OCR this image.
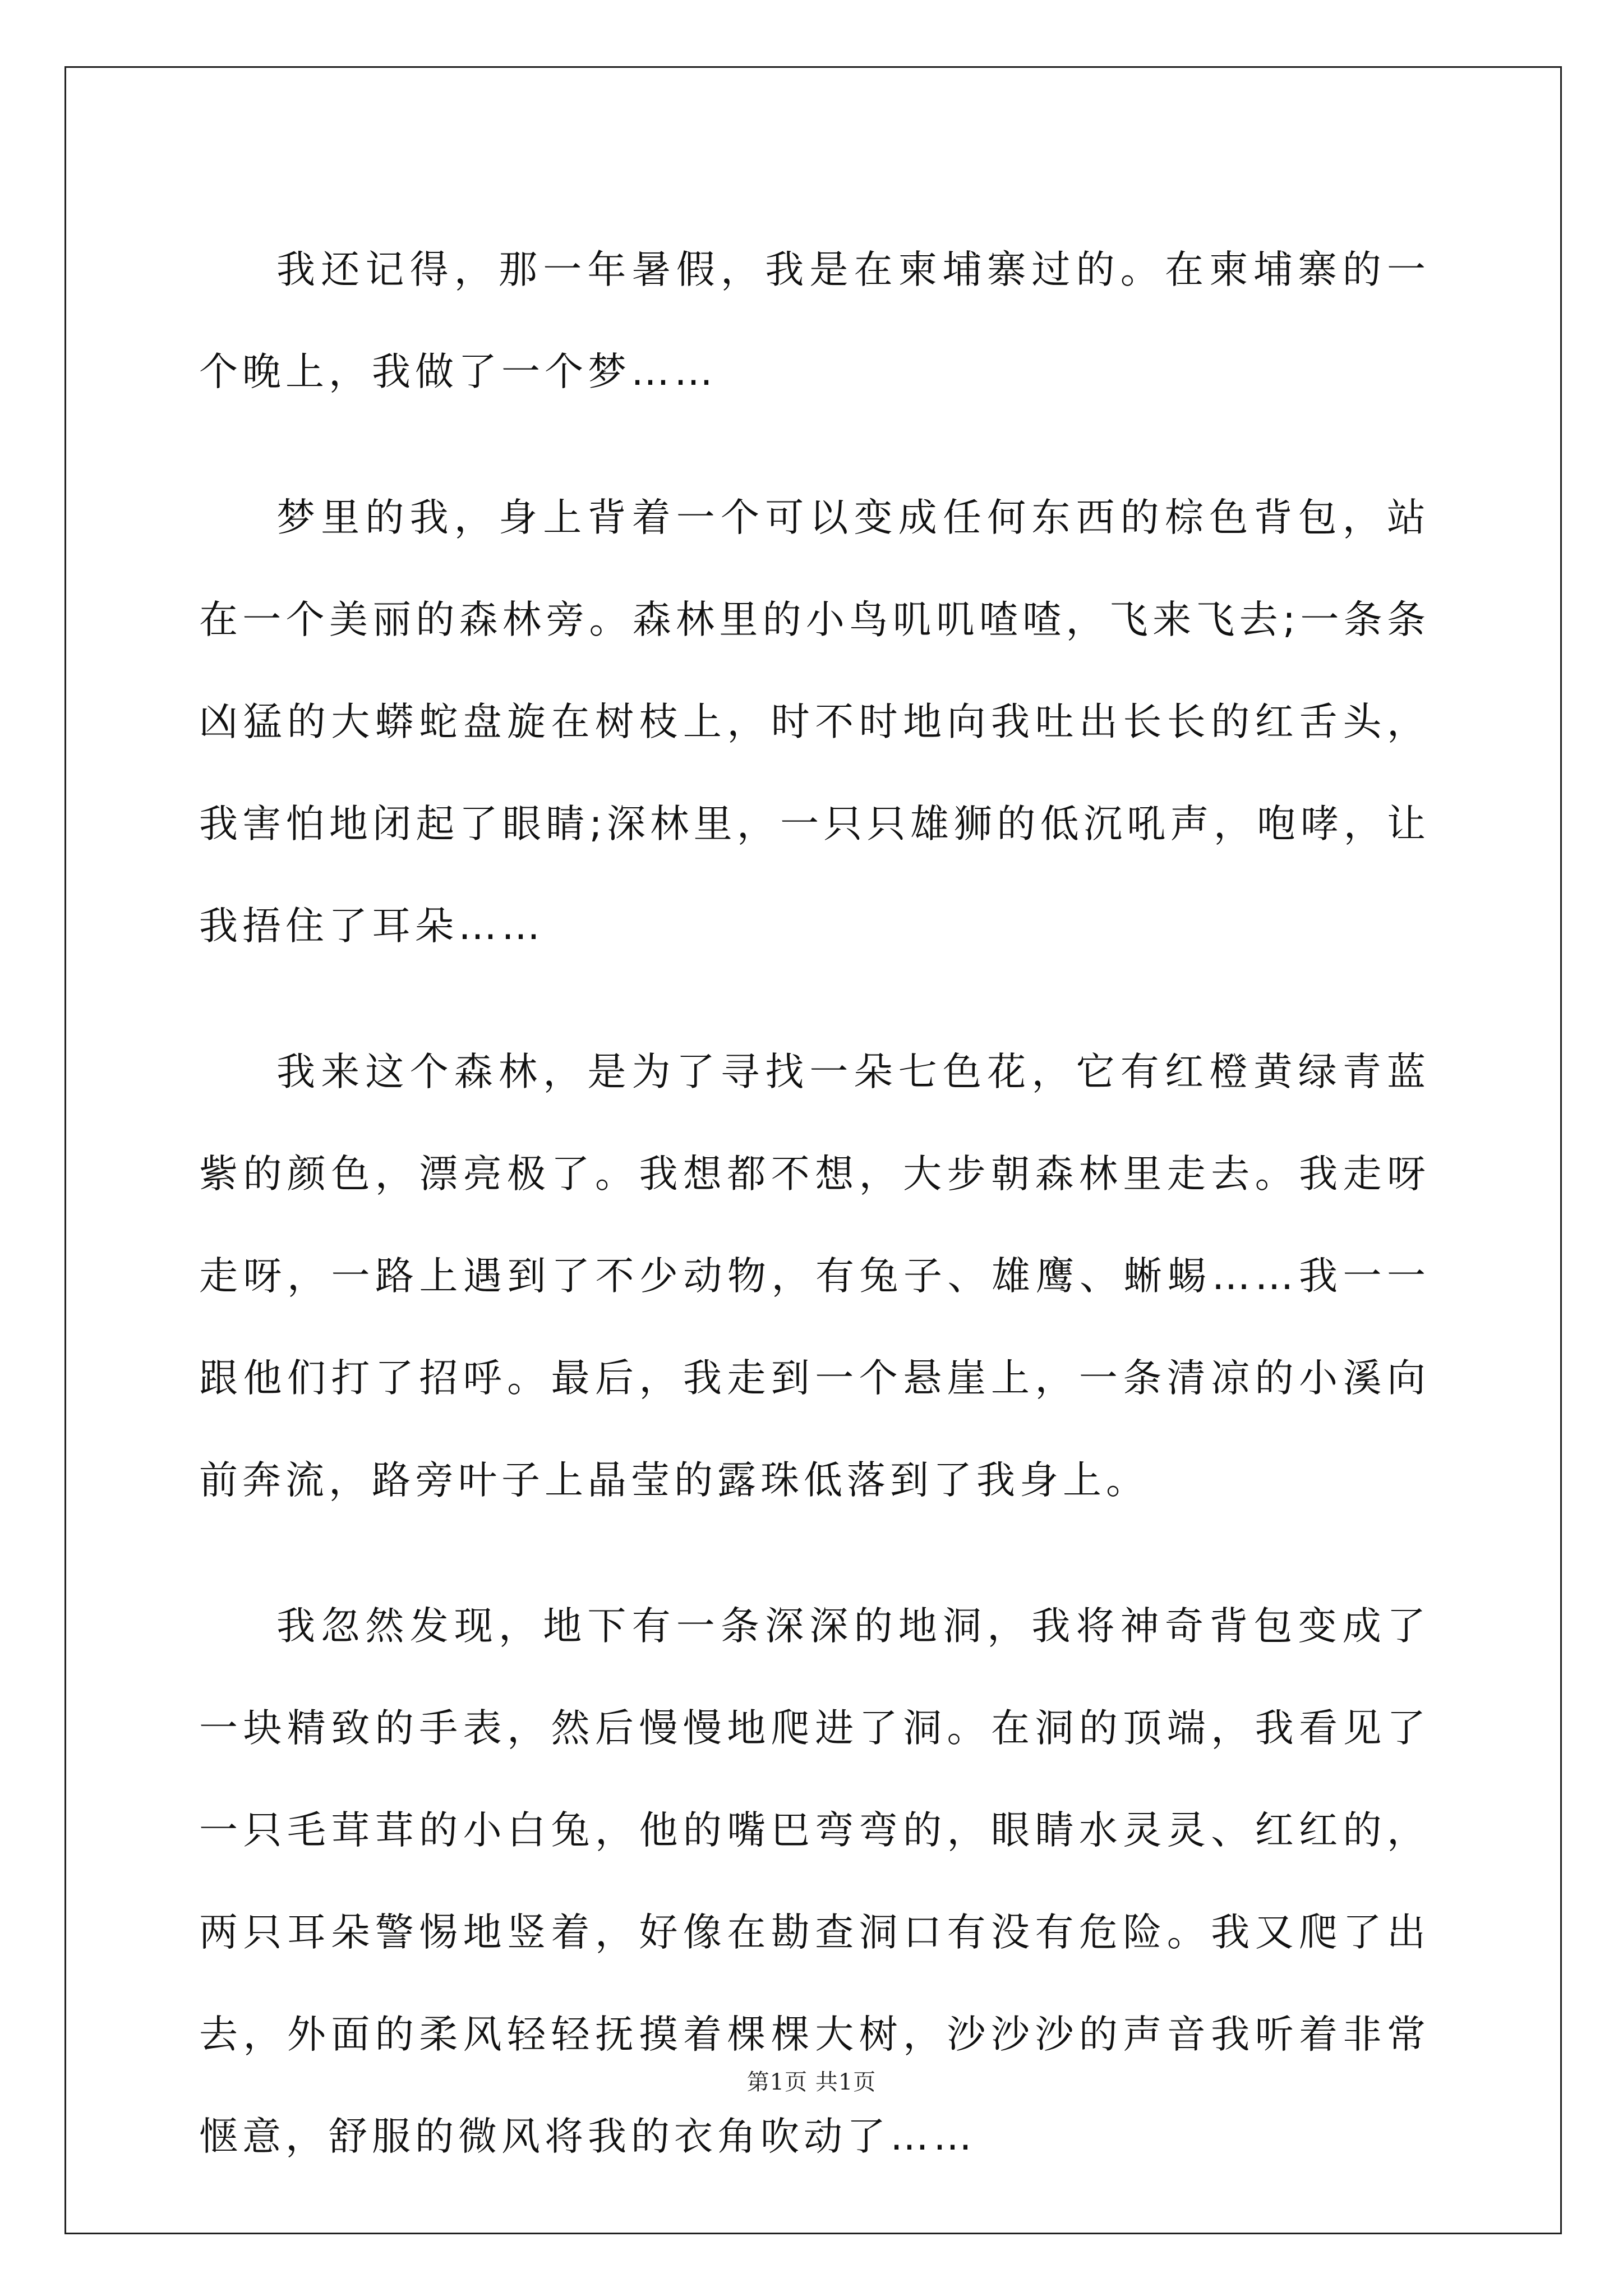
我还记得，那一年暑假，我是在柬埔寨过的。在柬埔寨的一个晚上，我做了一个梦……

梦里的我，身上背着一个可以变成任何东西的棕色背包，站在一个美丽的森林旁。森林里的小鸟叽叽喳喳，飞来飞去;一条条凶猛的大蟒蛇盘旋在树枝上，时不时地向我吐出长长的红舌头，我害怕地闭起了眼睛;深林里，一只只雄狮的低沉吼声，咆哮，让我捂住了耳朵……

我来这个森林，是为了寻找一朵七色花，它有红橙黄绿青蓝紫的颜色，漂亮极了。我想都不想，大步朝森林里走去。我走呀走呀，一路上遇到了不少动物，有兔子、雄鹰、蜥蜴……我一一跟他们打了招呼。最后，我走到一个悬崖上，一条清凉的小溪向前奔流，路旁叶子上晶莹的露珠低落到了我身上。

我忽然发现，地下有一条深深的地洞，我将神奇背包变成了一块精致的手表，然后慢慢地爬进了洞。在洞的顶端，我看见了一只毛茸茸的小白兔，他的嘴巴弯弯的，眼睛水灵灵、红红的，两只耳朵警惕地竖着，好像在勘查洞口有没有危险。我又爬了出去，外面的柔风轻轻抚摸着棵棵大树，沙沙沙的声音我听着非常惬意，舒服的微风将我的衣角吹动了……

第1页 共1页
